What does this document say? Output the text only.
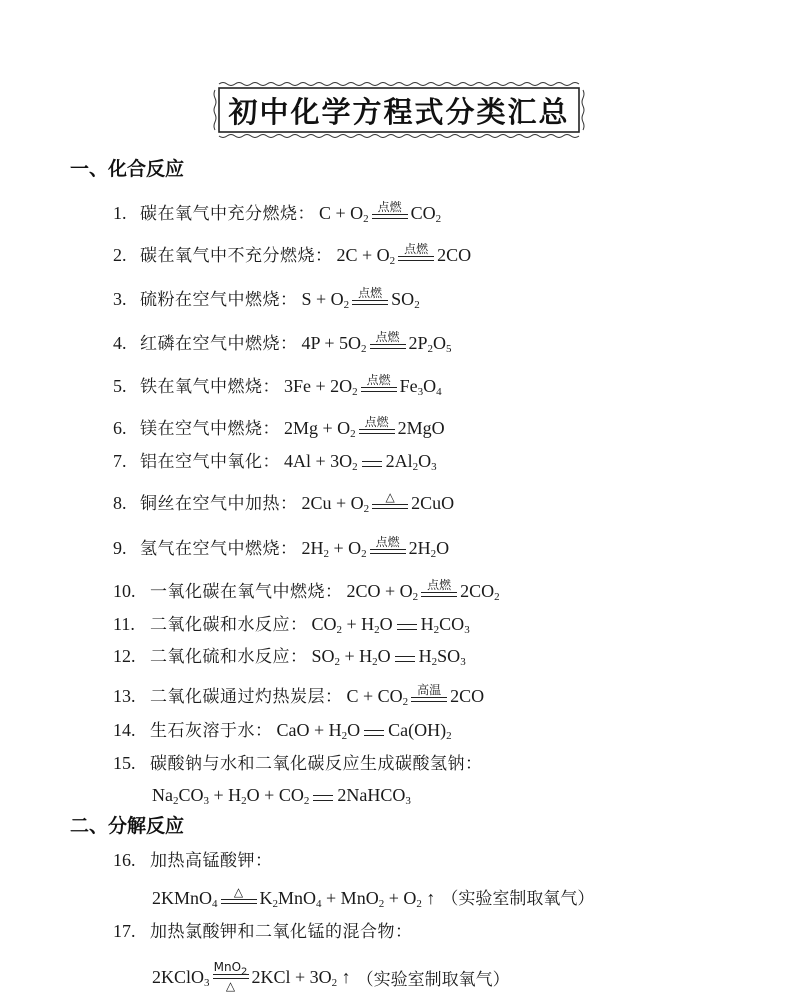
初中化学方程式分类汇总
一、化合反应
1. 碳在氧气中充分燃烧： $C + O_2$
点燃 $CO_2$
2. 碳在氧气中不充分燃烧： $2C + O_2$
点燃 2CO
3. 硫粉在空气中燃烧： $S + O_2$
点燃 $SO_2$
4. 红磷在空气中燃烧： $4P + 5O_2$
点燃 $2P_2O_5$
5. 铁在氧气中燃烧： $3Fe + 2O_2$
点燃 $Fe_3O_4$
6. 镁在空气中燃烧： $2Mg + O_2$
点燃 2MgO
7. 铝在空气中氧化： $4Al + 3O_2$ $2Al_2O_3$
8. 铜丝在空气中加热： $2Cu + O_2$
△ 2CuO
9. 氢气在空气中燃烧： $2H_2 + O_2$
点燃 $2H_2O$
10. 一氧化碳在氧气中燃烧： $2CO + O_2$
点燃 $2CO_2$
11. 二氧化碳和水反应： $CO_2 + H_2O$ $H_2CO_3$
12. 二氧化硫和水反应： $SO_2 + H_2O$ $H_2SO_3$
13. 二氧化碳通过灼热炭层： $C + CO_2$
高温 2CO
14. 生石灰溶于水： CaO + $H_2O$ $Ca(OH)_2$
15. 碳酸钠与水和二氧化碳反应生成碳酸氢钠：
$Na_2CO_3 + H_2O + CO_2$ 2NaHCO$_3$
二、分解反应
16. 加热高锰酸钾：
2KMnO$_4$
△ $K_2MnO_4 + MnO_2 + O_2$ ↑ （实验室制取氧气）
17. 加热氯酸钾和二氧化锰的混合物：
2KClO$_3$
MnO$_2$
△ $2KCl + 3O_2$ ↑ （实验室制取氧气）
